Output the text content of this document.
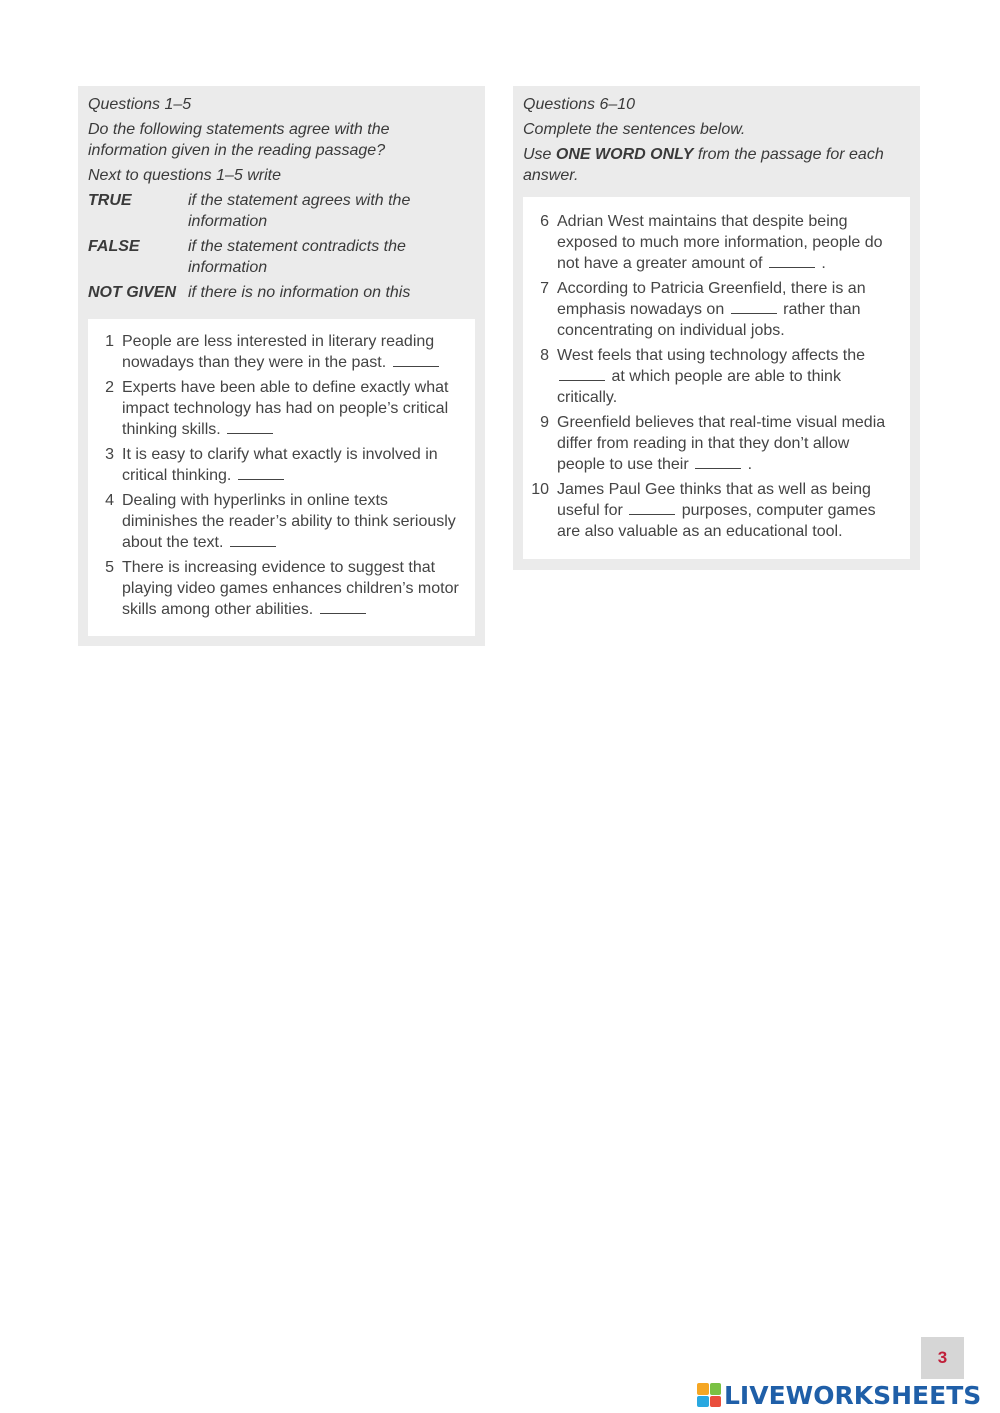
Questions 1–5

Do the following statements agree with the information given in the reading passage?

Next to questions 1–5 write

TRUE	if the statement agrees with the information
FALSE	if the statement contradicts the information
NOT GIVEN if there is no information on this
1 People are less interested in literary reading nowadays than they were in the past.
2 Experts have been able to define exactly what impact technology has had on people’s critical thinking skills.
3 It is easy to clarify what exactly is involved in critical thinking.
4 Dealing with hyperlinks in online texts diminishes the reader’s ability to think seriously about the text.
5 There is increasing evidence to suggest that playing video games enhances children’s motor skills among other abilities.

Questions 6–10

Complete the sentences below.

Use ONE WORD ONLY from the passage for each answer.

6 Adrian West maintains that despite being exposed to much more information, people do not have a greater amount of	.
7 According to Patricia Greenfield, there is an emphasis nowadays on	rather than concentrating on individual jobs.
8 West feels that using technology affects the  at which people are able to think critically.
9 Greenfield believes that real-time visual media differ from reading in that they don’t allow people to use their	.
10 James Paul Gee thinks that as well as being useful for	purposes, computer games are also valuable as an educational tool.
3
LIVEWORKSHEETS
